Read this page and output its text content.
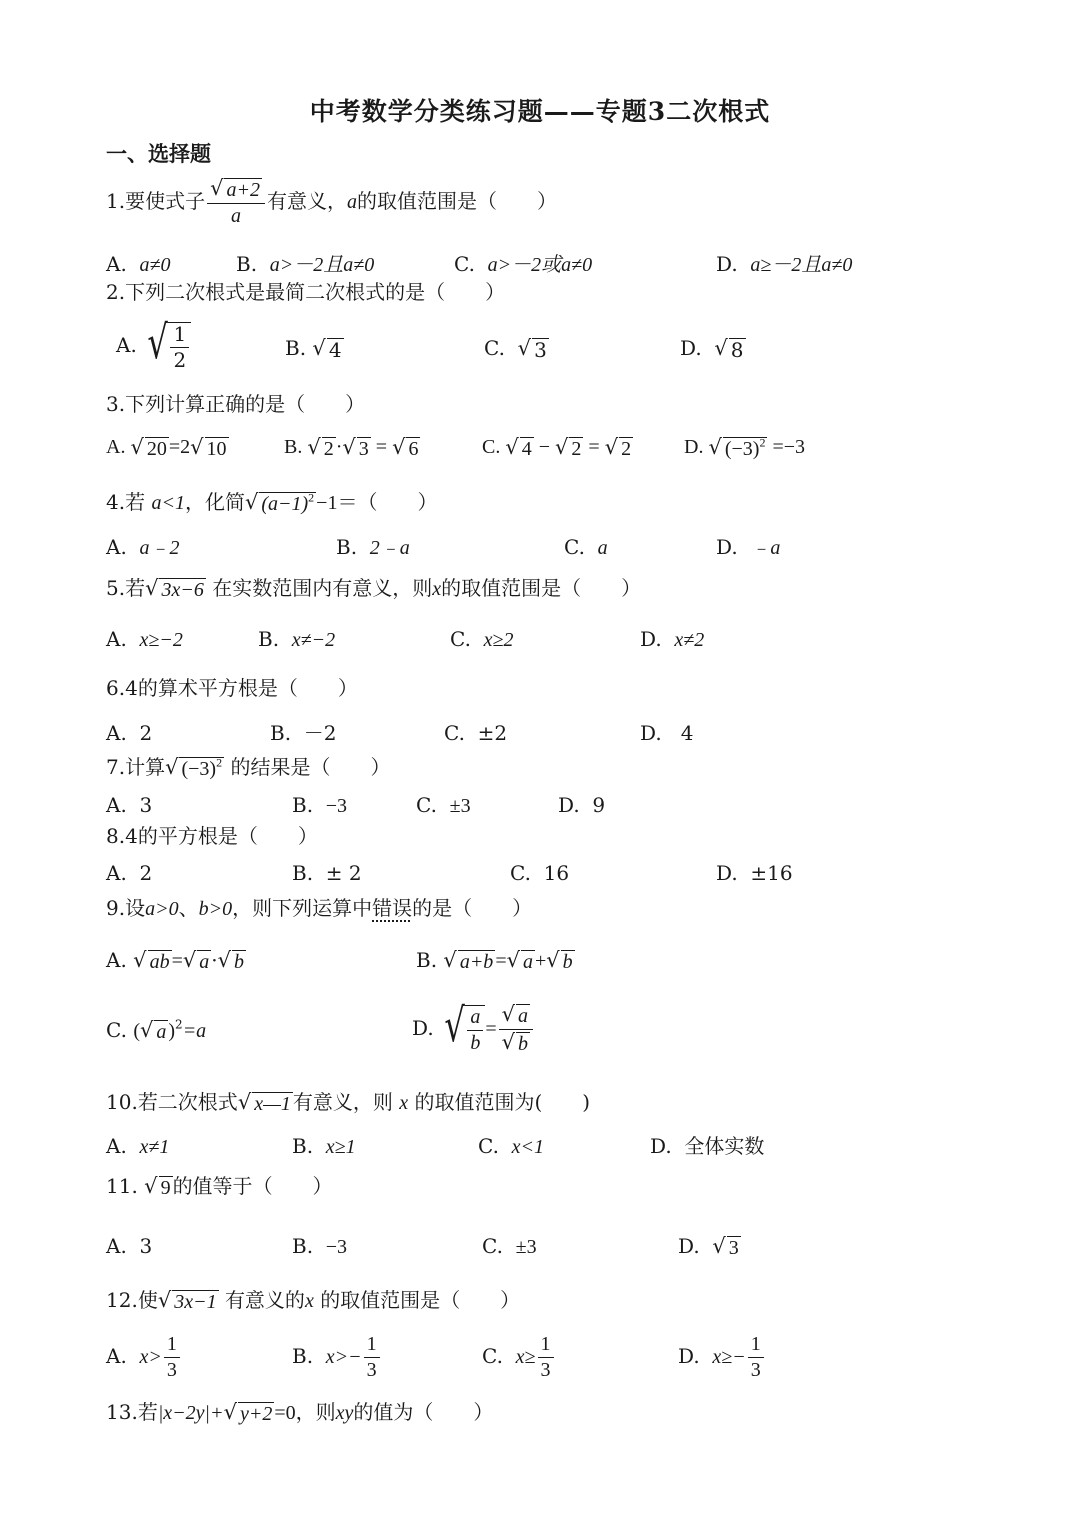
中考数学分类练习题——专题3二次根式
一、选择题
1.要使式子 $\frac{√ a+2}{a}$ 有意义，a的取值范围是（　　）
A. a≠0	B. a>－2且a≠0	C. a>－2或a≠0	D. a≥－2且a≠0
2.下列二次根式是最简二次根式的是（　　）
A. √ $\frac{1}{2}$	B. √ 4	C. √ 3	D. √ 8
3.下列计算正确的是（　　）
A. √ 20 =2 √ 10	B. √ 2 · √ 3 = √ 6	C. √ 4 − √ 2 = √ 2	D. √ $(-3)^2 =-3$
4.若 a<1，化简 √ $(a-1)^2 -1=$（　　）
A. a﹣2	B. 2﹣a	C. a	D. ﹣a
5.若 √ 3x−6 在实数范围内有意义，则x的取值范围是（　　）
A. x≥−2	B. x≠−2	C. x≥2	D. x≠2
6.4的算术平方根是（　　）
A. 2	B. －2	C. ±2	D. 4
7.计算 √ $(-3)^2$ 的结果是（　　）
A. 3	B. −3	C. ±3	D. 9
8.4的平方根是（　　）
A. 2	B. ± 2	C. 16	D. ±16
9.设a>0、b>0，则下列运算中错误的是（　　）
A. √ ab = √ a · √ b	B. √ a+b = √ a + √ b
C. ( √ a )$^2$=a	D. √ $\frac{a}{b} = \frac{√ a}{√ b}$
10.若二次根式 √ x—1 有意义，则 x 的取值范围为(　　)
A. x≠1	B. x≥1	C. x<1	D. 全体实数
11. √ 9 的值等于（　　）
A. 3	B. −3	C. ±3	D. √ 3
12.使 √ 3x−1 有意义的x 的取值范围是（　　）
A. $x> \frac{1}{3}$	B. $x>- \frac{1}{3}$	C. $x\ge \frac{1}{3}$	D. $x\ge- \frac{1}{3}$
13.若|x−2y|+ √ y+2 =0，则xy的值为（　　）
